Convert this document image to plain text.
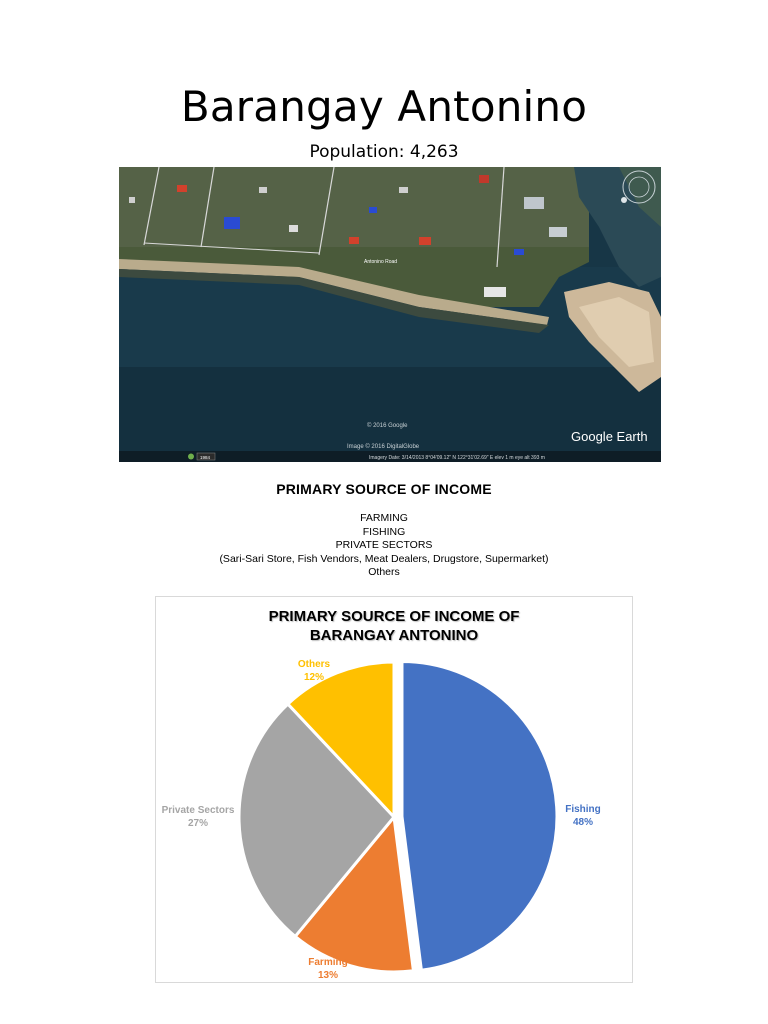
Barangay Antonino
Population: 4,263
Antonino Road
© 2016 Google
Image © 2016 DigitalGlobe
Google Earth
1984	Imagery Date: 3/14/2013 8°04'09.12" N 122°31'02.69" E elev 1 m eye alt 393 m
PRIMARY SOURCE OF INCOME
FARMING
FISHING
PRIVATE SECTORS
(Sari-Sari Store, Fish Vendors, Meat Dealers, Drugstore, Supermarket)
Others
PRIMARY SOURCE OF INCOME OF
BARANGAY ANTONINO
Fishing
48%
Farming
13%
Private Sectors
27%
Others
12%
